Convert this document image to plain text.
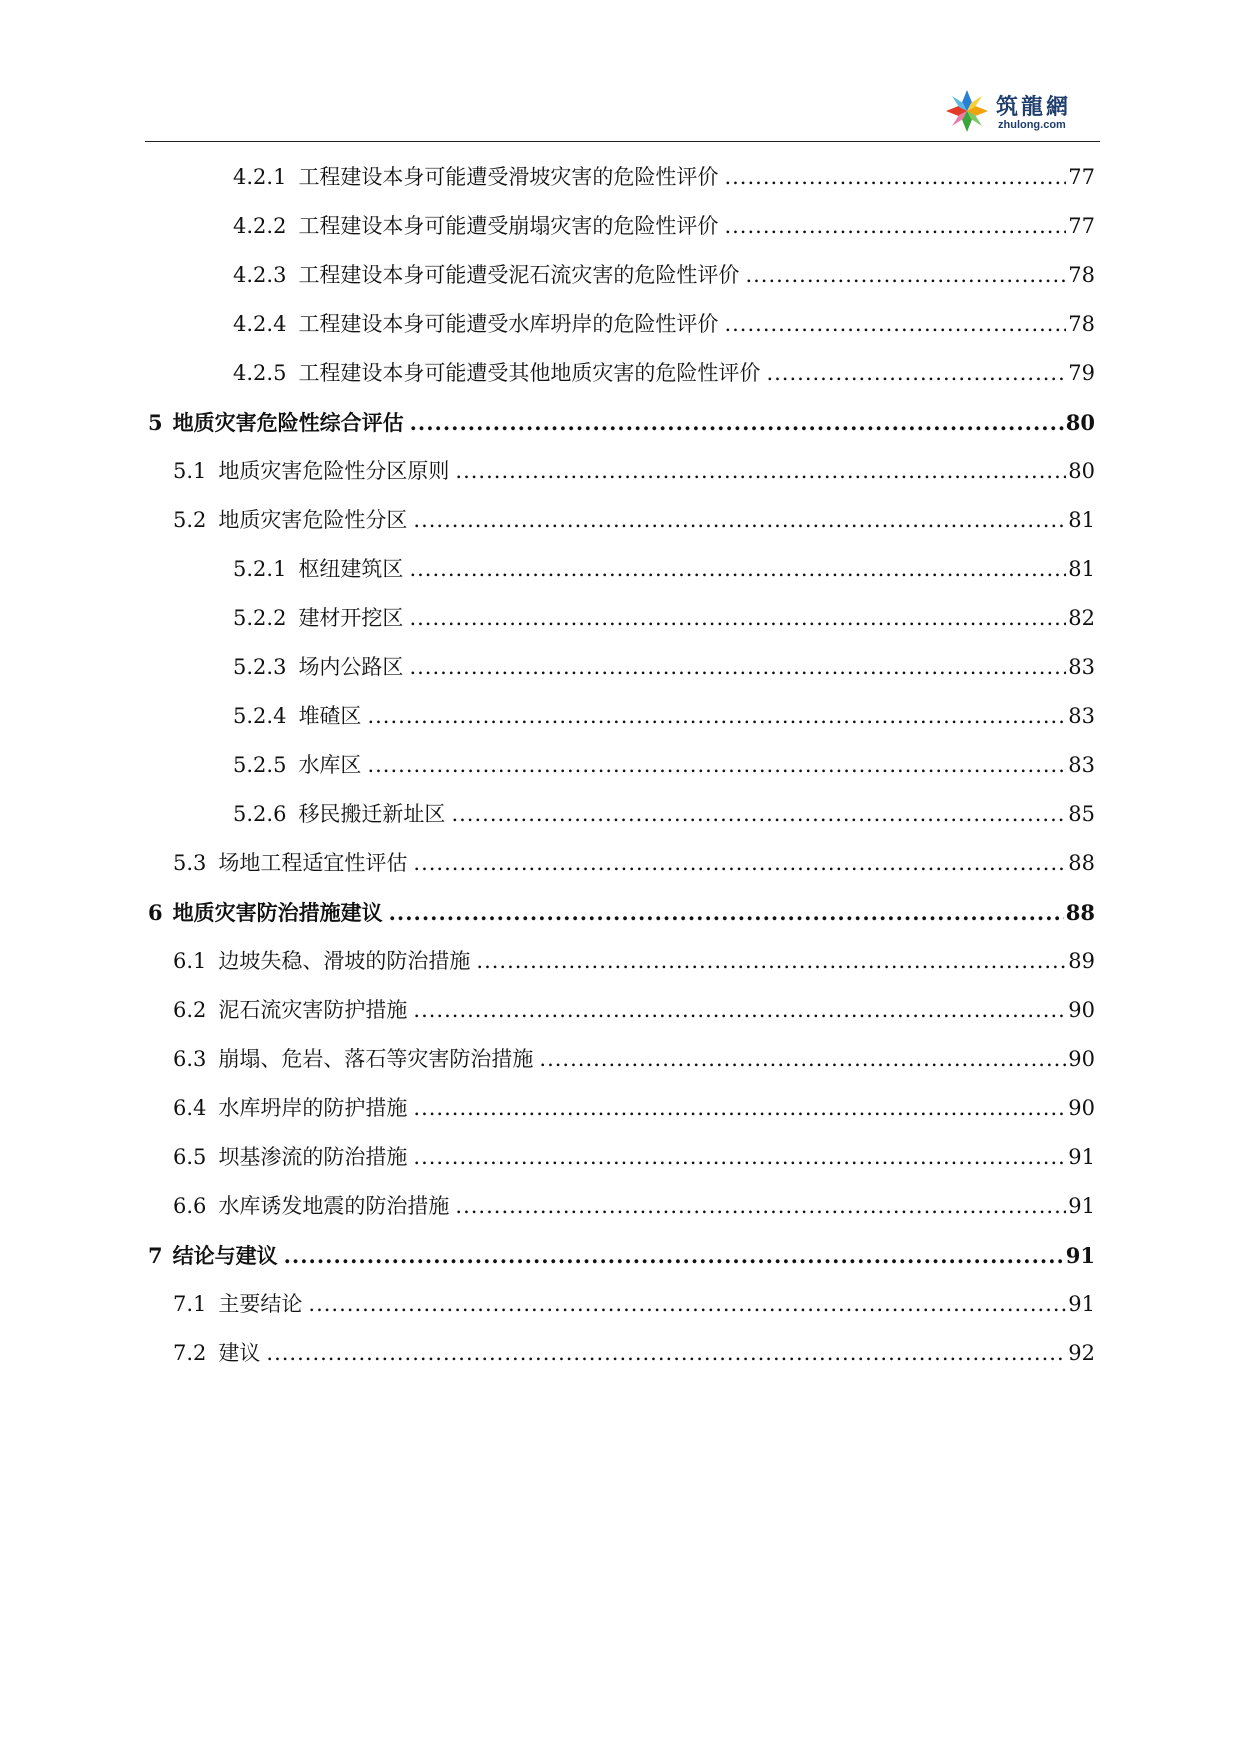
筑龍網
zhulong.com
4.2.1 工程建设本身可能遭受滑坡灾害的危险性评价 .....	77
4.2.2 工程建设本身可能遭受崩塌灾害的危险性评价 .....	77
4.2.3 工程建设本身可能遭受泥石流灾害的危险性评价 .....	78
4.2.4 工程建设本身可能遭受水库坍岸的危险性评价 .....	78
4.2.5 工程建设本身可能遭受其他地质灾害的危险性评价 .....	79
5 地质灾害危险性综合评估 .....	80
5.1 地质灾害危险性分区原则 .....	80
5.2 地质灾害危险性分区 .....	81
5.2.1 枢纽建筑区 .....	81
5.2.2 建材开挖区 .....	82
5.2.3 场内公路区 .....	83
5.2.4 堆碴区 .....	83
5.2.5 水库区 .....	83
5.2.6 移民搬迁新址区 .....	85
5.3 场地工程适宜性评估 .....	88
6 地质灾害防治措施建议 .....	88
6.1 边坡失稳、滑坡的防治措施 .....	89
6.2 泥石流灾害防护措施 .....	90
6.3 崩塌、危岩、落石等灾害防治措施 .....	90
6.4 水库坍岸的防护措施 .....	90
6.5 坝基渗流的防治措施 .....	91
6.6 水库诱发地震的防治措施 .....	91
7 结论与建议 .....	91
7.1 主要结论 .....	91
7.2 建议 .....	92
